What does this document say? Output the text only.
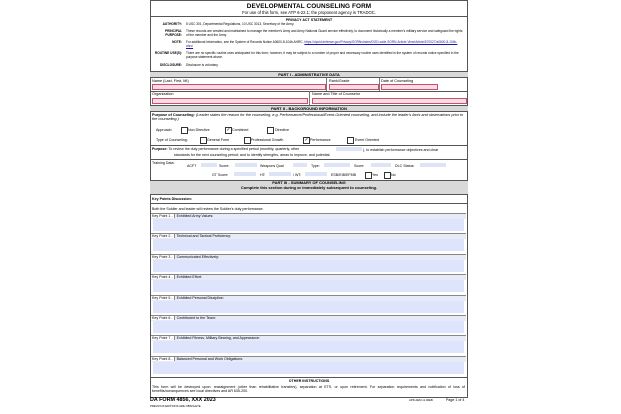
DEVELOPMENTAL COUNSELING FORM
For use of this form, see ATP 6-22.1; the proponent agency is TRADOC.
PRIVACY ACT STATEMENT
AUTHORITY: 5 USC 301, Departmental Regulations, 10 USC 3013, Secretary of the Army.
PRINCIPAL PURPOSE:
These records are created and maintained to manage the member's Army and Army National Guard service effectively, to document historically a member's military service and safeguard the rights of the member and the Army.
NOTE: For additional information, see the System of Records Notice A0600-8-104b AHRC, https://dpcld.defense.gov/Privacy/SORNsIndex/DOD-wide-SORN-Article-View/Article/570027/a0600-8-104b-ahrc/
ROUTINE USE(S): There are no specific routine uses anticipated for this form; however, it may be subject to a number of proper and necessary routine uses identified in the system of records notice specified in the purpose statement above.
DISCLOSURE: Disclosure is voluntary.
PART I - ADMINISTRATIVE DATA
Name (Last, First, MI)	Rank/Grade	Date of Counseling
Organization	Name and Title of Counselor
PART II - BACKGROUND INFORMATION
Purpose of Counseling: (Leader states the reason for the counseling, e.g. Performance/Professional/Event-Oriented counseling, and include the leader's facts and observations prior to the counseling.)
Approach:	Non Directive	✓ Combined	Directive
Type of Counseling:	General Form	Professional Growth	✓ Performance	Event Oriented
Purpose: To review the duty performance during a specified period (monthly, quarterly, other	), to establish performance objectives and clear
standards for the next counseling period; and to identify strengths, areas to improve, and potential.
Training Data:
ACFT	Score:	Weapons Qual	Type:	Score:	DLC Status:
GT Score:	HT:	/ WT:	ESB/EIB/EFMB	Yes	No
PART III - SUMMARY OF COUNSELING
Complete this section during or immediately subsequent to counseling.
Key Points Discussion:
Both the Soldier and leader will review the Soldier's duty performance.
Key Point 1 - Exhibited Army Values:
Key Point 2 - Technical and Tactical Proficiency:
Key Point 3 - Communicated Effectively:
Key Point 4 - Exhibited Effort:
Key Point 5 - Exhibited Personal Discipline:
Key Point 6 - Contributed to the Team:
Key Point 7 - Exhibited Fitness, Military Bearing, and Appearance:
Key Point 8 - Balanced Personal and Work Obligations:
OTHER INSTRUCTIONS
This form will be destroyed upon: reassignment (other than rehabilitative transfers), separation at ETS, or upon retirement. For separation requirements and notification of loss of benefits/consequences see local directives and AR 635-200.
DA FORM 4856, XXX 2023
PREVIOUS EDITIONS ARE OBSOLETE.
APD AEM v1.00EB	Page 1 of 4
